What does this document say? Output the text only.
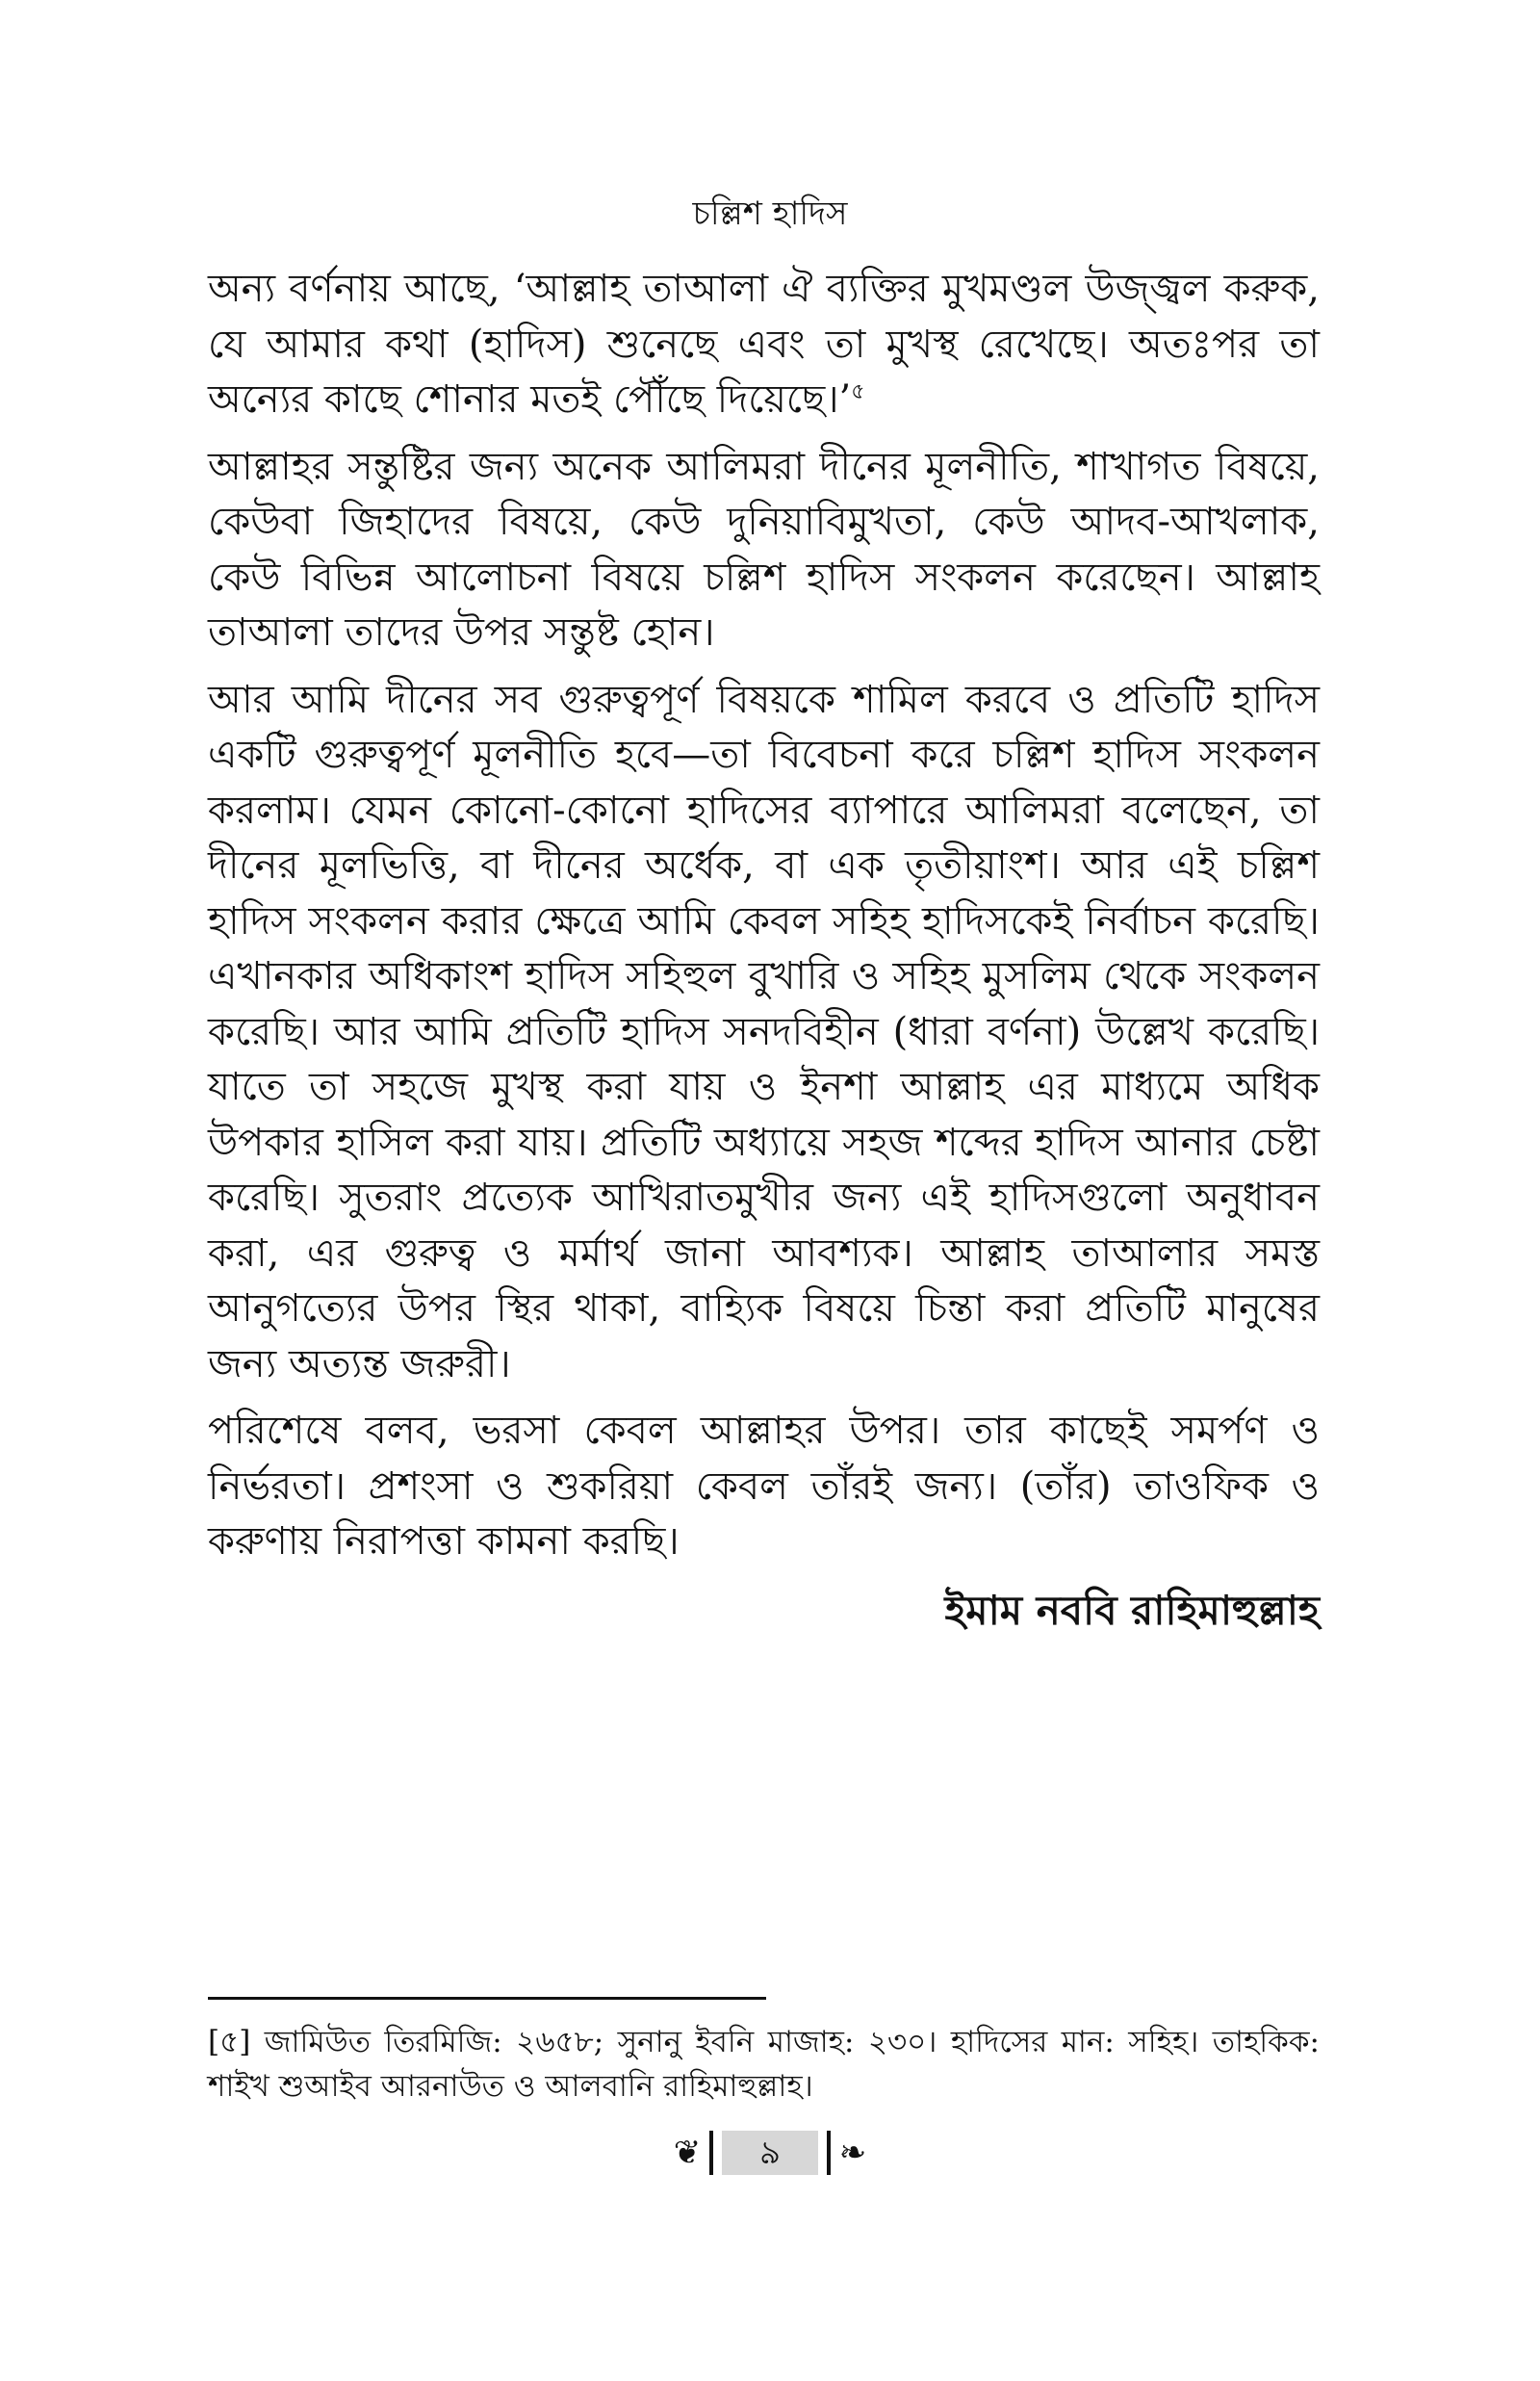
চল্লিশ হাদিস

অন্য বর্ণনায় আছে, ‘আল্লাহ তাআলা ঐ ব্যক্তির মুখমণ্ডল উজ্জ্বল করুক, যে আমার কথা (হাদিস) শুনেছে এবং তা মুখস্থ রেখেছে। অতঃপর তা অন্যের কাছে শোনার মতই পৌঁছে দিয়েছে।’$^৫$

আল্লাহর সন্তুষ্টির জন্য অনেক আলিমরা দীনের মূলনীতি, শাখাগত বিষয়ে, কেউবা জিহাদের বিষয়ে, কেউ দুনিয়াবিমুখতা, কেউ আদব-আখলাক, কেউ বিভিন্ন আলোচনা বিষয়ে চল্লিশ হাদিস সংকলন করেছেন। আল্লাহ তাআলা তাদের উপর সন্তুষ্ট হোন।

আর আমি দীনের সব গুরুত্বপূর্ণ বিষয়কে শামিল করবে ও প্রতিটি হাদিস একটি গুরুত্বপূর্ণ মূলনীতি হবে—তা বিবেচনা করে চল্লিশ হাদিস সংকলন করলাম। যেমন কোনো-কোনো হাদিসের ব্যাপারে আলিমরা বলেছেন, তা দীনের মূলভিত্তি, বা দীনের অর্ধেক, বা এক তৃতীয়াংশ। আর এই চল্লিশ হাদিস সংকলন করার ক্ষেত্রে আমি কেবল সহিহ হাদিসকেই নির্বাচন করেছি। এখানকার অধিকাংশ হাদিস সহিহুল বুখারি ও সহিহ মুসলিম থেকে সংকলন করেছি। আর আমি প্রতিটি হাদিস সনদবিহীন (ধারা বর্ণনা) উল্লেখ করেছি। যাতে তা সহজে মুখস্থ করা যায় ও ইনশা আল্লাহ এর মাধ্যমে অধিক উপকার হাসিল করা যায়। প্রতিটি অধ্যায়ে সহজ শব্দের হাদিস আনার চেষ্টা করেছি। সুতরাং প্রত্যেক আখিরাতমুখীর জন্য এই হাদিসগুলো অনুধাবন করা, এর গুরুত্ব ও মর্মার্থ জানা আবশ্যক। আল্লাহ তাআলার সমস্ত আনুগত্যের উপর স্থির থাকা, বাহ্যিক বিষয়ে চিন্তা করা প্রতিটি মানুষের জন্য অত্যন্ত জরুরী।

পরিশেষে বলব, ভরসা কেবল আল্লাহর উপর। তার কাছেই সমর্পণ ও নির্ভরতা। প্রশংসা ও শুকরিয়া কেবল তাঁরই জন্য। (তাঁর) তাওফিক ও করুণায় নিরাপত্তা কামনা করছি।

ইমাম নববি রাহিমাহুল্লাহ
[৫] জামিউত তিরমিজি: ২৬৫৮; সুনানু ইবনি মাজাহ: ২৩০। হাদিসের মান: সহিহ। তাহকিক: শাইখ শুআইব আরনাউত ও আলবানি রাহিমাহুল্লাহ।
❦	৯	❧
